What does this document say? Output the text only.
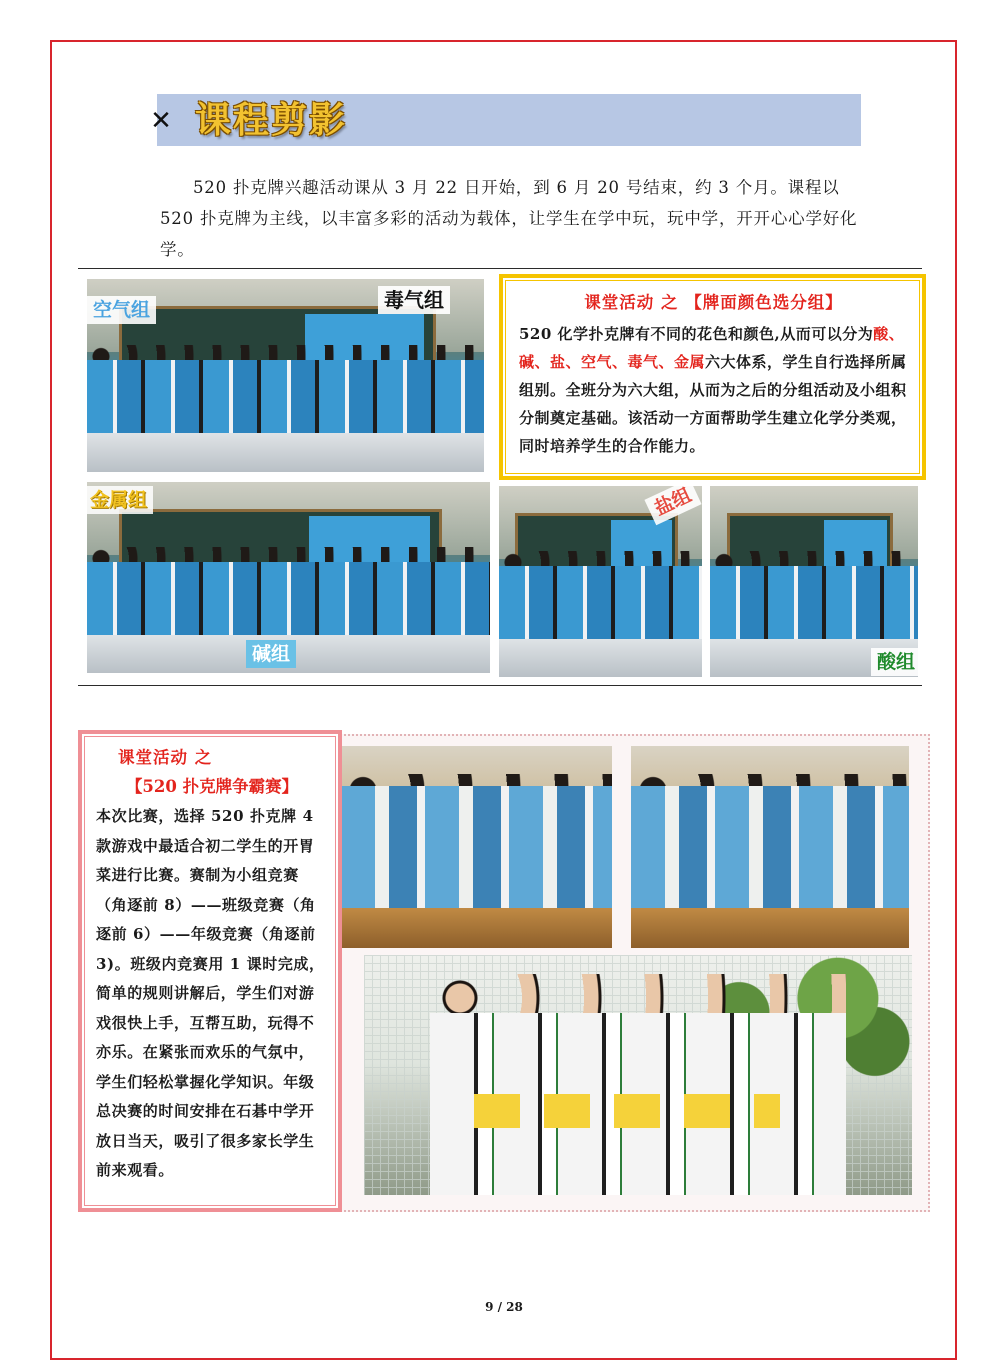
✕ 课程剪影
520 扑克牌兴趣活动课从 3 月 22 日开始，到 6 月 20 号结束，约 3 个月。课程以 520 扑克牌为主线，以丰富多彩的活动为载体，让学生在学中玩，玩中学，开开心心学好化学。
空气组	毒气组
金属组
碱组
盐组
酸组
课堂活动 之 【牌面颜色选分组】
520 化学扑克牌有不同的花色和颜色,从而可以分为酸、碱、盐、空气、毒气、金属六大体系，学生自行选择所属组别。全班分为六大组，从而为之后的分组活动及小组积分制奠定基础。该活动一方面帮助学生建立化学分类观，同时培养学生的合作能力。
课堂活动 之
【520 扑克牌争霸赛】
本次比赛，选择 520 扑克牌 4 款游戏中最适合初二学生的开胃菜进行比赛。赛制为小组竞赛（角逐前 8）——班级竞赛（角逐前 6）——年级竞赛（角逐前 3)。班级内竞赛用 1 课时完成，简单的规则讲解后，学生们对游戏很快上手，互帮互助，玩得不亦乐。在紧张而欢乐的气氛中，学生们轻松掌握化学知识。年级总决赛的时间安排在石碁中学开放日当天，吸引了很多家长学生前来观看。
9 / 28
